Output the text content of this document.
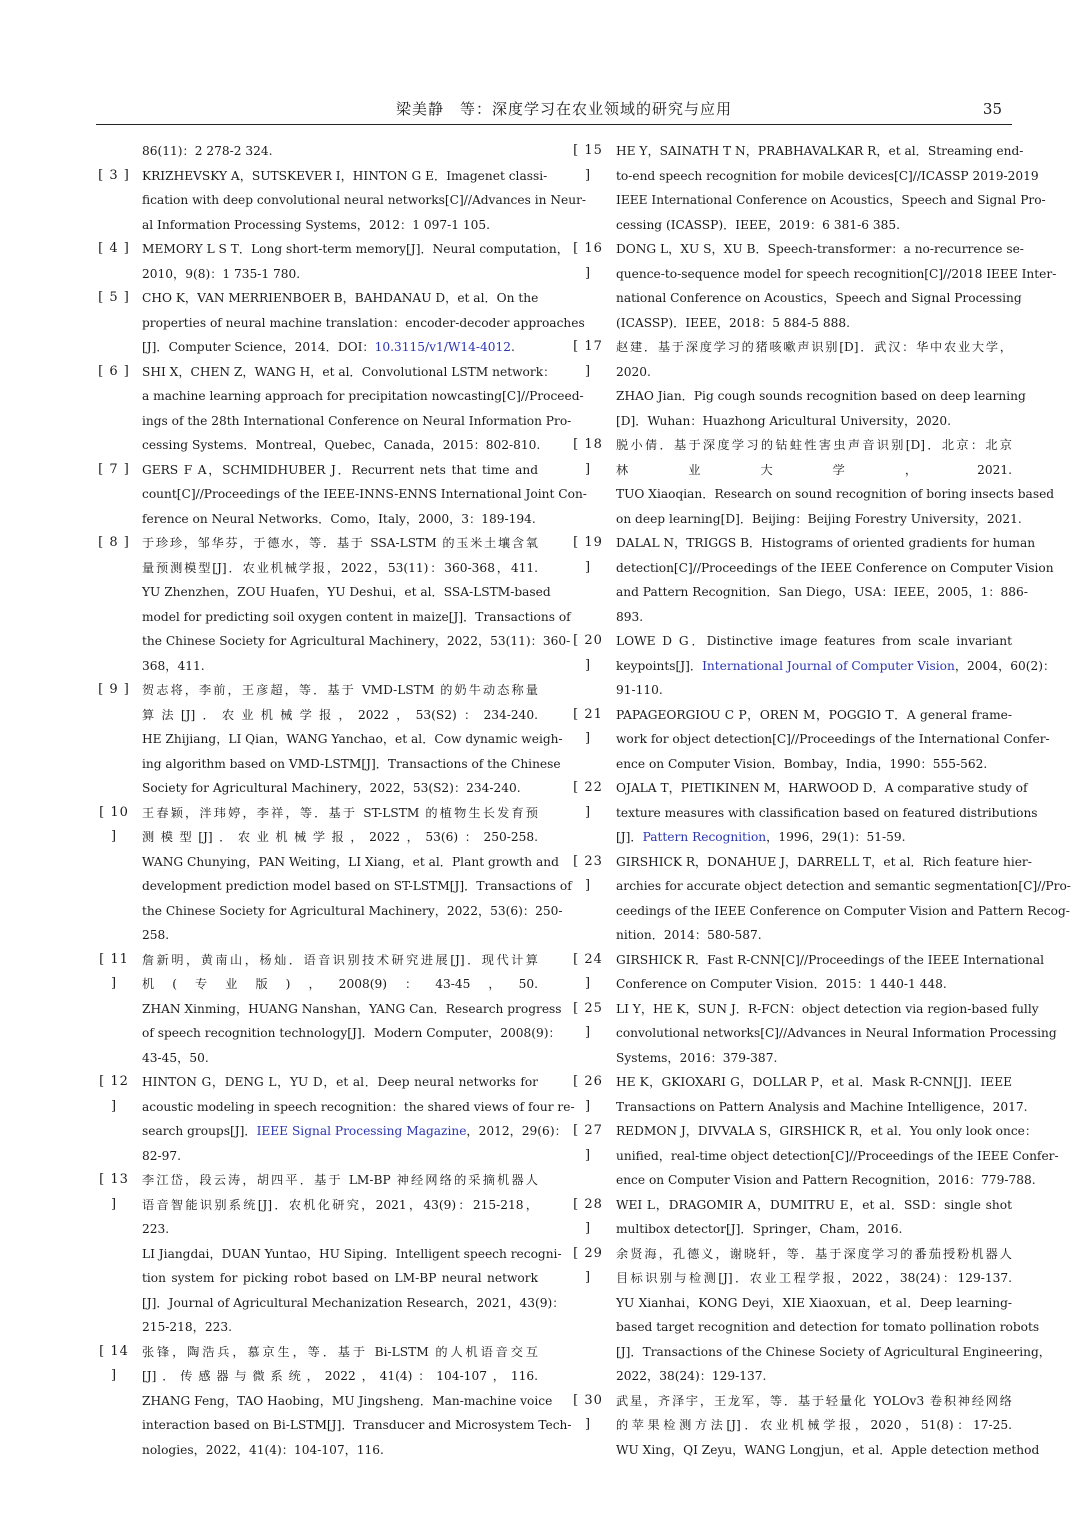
梁美静　等：深度学习在农业领域的研究与应用	35
86(11)：2 278-2 324.
[ 3 ] KRIZHEVSKY A，SUTSKEVER I，HINTON G E．Imagenet classi-
fication with deep convolutional neural networks[C]//Advances in Neur-
al Information Processing Systems，2012：1 097-1 105.
[ 4 ] MEMORY L S T．Long short-term memory[J]．Neural computation，
2010，9(8)：1 735-1 780.
[ 5 ] CHO K，VAN MERRIENBOER B，BAHDANAU D，et al．On the
properties of neural machine translation：encoder-decoder approaches
[J]．Computer Science，2014．DOI：10.3115/v1/W14-4012.
[ 6 ] SHI X，CHEN Z，WANG H，et al．Convolutional LSTM network：
a machine learning approach for precipitation nowcasting[C]//Proceed-
ings of the 28th International Conference on Neural Information Pro-
cessing Systems．Montreal，Quebec，Canada，2015：802-810.
[ 7 ] GERS F A，SCHMIDHUBER J．Recurrent nets that time and
count[C]//Proceedings of the IEEE-INNS-ENNS International Joint Con-
ference on Neural Networks．Como，Italy，2000，3：189-194.
[ 8 ] 于珍珍，邹华芬，于德水，等．基于 SSA-LSTM 的玉米土壤含氧
量预测模型[J]．农业机械学报，2022，53(11)：360-368，411.
YU Zhenzhen，ZOU Huafen，YU Deshui，et al．SSA-LSTM-based
model for predicting soil oxygen content in maize[J]．Transactions of
the Chinese Society for Agricultural Machinery，2022，53(11)：360-
368，411.
[ 9 ] 贺志将，李前，王彦超，等．基于 VMD-LSTM 的奶牛动态称量
算法[J]．农业机械学报，2022，53(S2)：234-240.
HE Zhijiang，LI Qian，WANG Yanchao，et al．Cow dynamic weigh-
ing algorithm based on VMD-LSTM[J]．Transactions of the Chinese
Society for Agricultural Machinery，2022，53(S2)：234-240.
[ 10 ]
王春颖，泮玮婷，李祥，等．基于 ST-LSTM 的植物生长发育预
测模型[J]．农业机械学报，2022，53(6)：250-258.
WANG Chunying，PAN Weiting，LI Xiang，et al．Plant growth and
development prediction model based on ST-LSTM[J]．Transactions of
the Chinese Society for Agricultural Machinery，2022，53(6)：250-
258.
[ 11 ]
詹新明，黄南山，杨灿．语音识别技术研究进展[J]．现代计算
机(专业版)，2008(9)：43-45，50.
ZHAN Xinming，HUANG Nanshan，YANG Can．Research progress
of speech recognition technology[J]．Modern Computer，2008(9)：
43-45，50.
[ 12 ]
HINTON G，DENG L，YU D，et al．Deep neural networks for
acoustic modeling in speech recognition：the shared views of four re-
search groups[J]．IEEE Signal Processing Magazine，2012，29(6)：
82-97.
[ 13 ]
李江岱，段云涛，胡四平．基于 LM-BP 神经网络的采摘机器人
语音智能识别系统[J]．农机化研究，2021，43(9)：215-218，
223.
LI Jiangdai，DUAN Yuntao，HU Siping．Intelligent speech recogni-
tion system for picking robot based on LM-BP neural network
[J]．Journal of Agricultural Mechanization Research，2021，43(9)：
215-218，223.
[ 14 ]
张锋，陶浩兵，慕京生，等．基于 Bi-LSTM 的人机语音交互
[J]．传感器与微系统，2022，41(4)：104-107，116.
ZHANG Feng，TAO Haobing，MU Jingsheng．Man-machine voice
interaction based on Bi-LSTM[J]．Transducer and Microsystem Tech-
nologies，2022，41(4)：104-107，116.
[ 15 ]
HE Y，SAINATH T N，PRABHAVALKAR R，et al．Streaming end-
to-end speech recognition for mobile devices[C]//ICASSP 2019-2019
IEEE International Conference on Acoustics，Speech and Signal Pro-
cessing (ICASSP)．IEEE，2019：6 381-6 385.
[ 16 ]
DONG L，XU S，XU B．Speech-transformer：a no-recurrence se-
quence-to-sequence model for speech recognition[C]//2018 IEEE Inter-
national Conference on Acoustics，Speech and Signal Processing
(ICASSP)．IEEE，2018：5 884-5 888.
[ 17 ]
赵建．基于深度学习的猪咳嗽声识别[D]．武汉：华中农业大学，
2020.
ZHAO Jian．Pig cough sounds recognition based on deep learning
[D]．Wuhan：Huazhong Aricultural University，2020.
[ 18 ]
脱小倩．基于深度学习的钻蛀性害虫声音识别[D]．北京：北京
林业大学，2021.
TUO Xiaoqian．Research on sound recognition of boring insects based
on deep learning[D]．Beijing：Beijing Forestry University，2021.
[ 19 ]
DALAL N，TRIGGS B．Histograms of oriented gradients for human
detection[C]//Proceedings of the IEEE Conference on Computer Vision
and Pattern Recognition．San Diego，USA：IEEE，2005，1：886-
893.
[ 20 ]
LOWE D G．Distinctive image features from scale invariant
keypoints[J]．International Journal of Computer Vision，2004，60(2)：
91-110.
[ 21 ]
PAPAGEORGIOU C P，OREN M，POGGIO T．A general frame-
work for object detection[C]//Proceedings of the International Confer-
ence on Computer Vision．Bombay，India，1990：555-562.
[ 22 ]
OJALA T，PIETIKINEN M，HARWOOD D．A comparative study of
texture measures with classification based on featured distributions
[J]．Pattern Recognition，1996，29(1)：51-59.
[ 23 ]
GIRSHICK R，DONAHUE J，DARRELL T，et al．Rich feature hier-
archies for accurate object detection and semantic segmentation[C]//Pro-
ceedings of the IEEE Conference on Computer Vision and Pattern Recog-
nition．2014：580-587.
[ 24 ]
GIRSHICK R．Fast R-CNN[C]//Proceedings of the IEEE International
Conference on Computer Vision．2015：1 440-1 448.
[ 25 ]
LI Y，HE K，SUN J．R-FCN：object detection via region-based fully
convolutional networks[C]//Advances in Neural Information Processing
Systems，2016：379-387.
[ 26 ]
HE K，GKIOXARI G，DOLLAR P，et al．Mask R-CNN[J]．IEEE
Transactions on Pattern Analysis and Machine Intelligence，2017.
[ 27 ]
REDMON J，DIVVALA S，GIRSHICK R，et al．You only look once：
unified，real-time object detection[C]//Proceedings of the IEEE Confer-
ence on Computer Vision and Pattern Recognition，2016：779-788.
[ 28 ]
WEI L，DRAGOMIR A，DUMITRU E，et al．SSD：single shot
multibox detector[J]．Springer，Cham，2016.
[ 29 ]
余贤海，孔德义，谢晓轩，等．基于深度学习的番茄授粉机器人
目标识别与检测[J]．农业工程学报，2022，38(24)：129-137.
YU Xianhai，KONG Deyi，XIE Xiaoxuan，et al．Deep learning-
based target recognition and detection for tomato pollination robots
[J]．Transactions of the Chinese Society of Agricultural Engineering，
2022，38(24)：129-137.
[ 30 ]
武星，齐泽宇，王龙军，等．基于轻量化 YOLOv3 卷积神经网络
的苹果检测方法[J]．农业机械学报，2020，51(8)：17-25.
WU Xing，QI Zeyu，WANG Longjun，et al．Apple detection method
